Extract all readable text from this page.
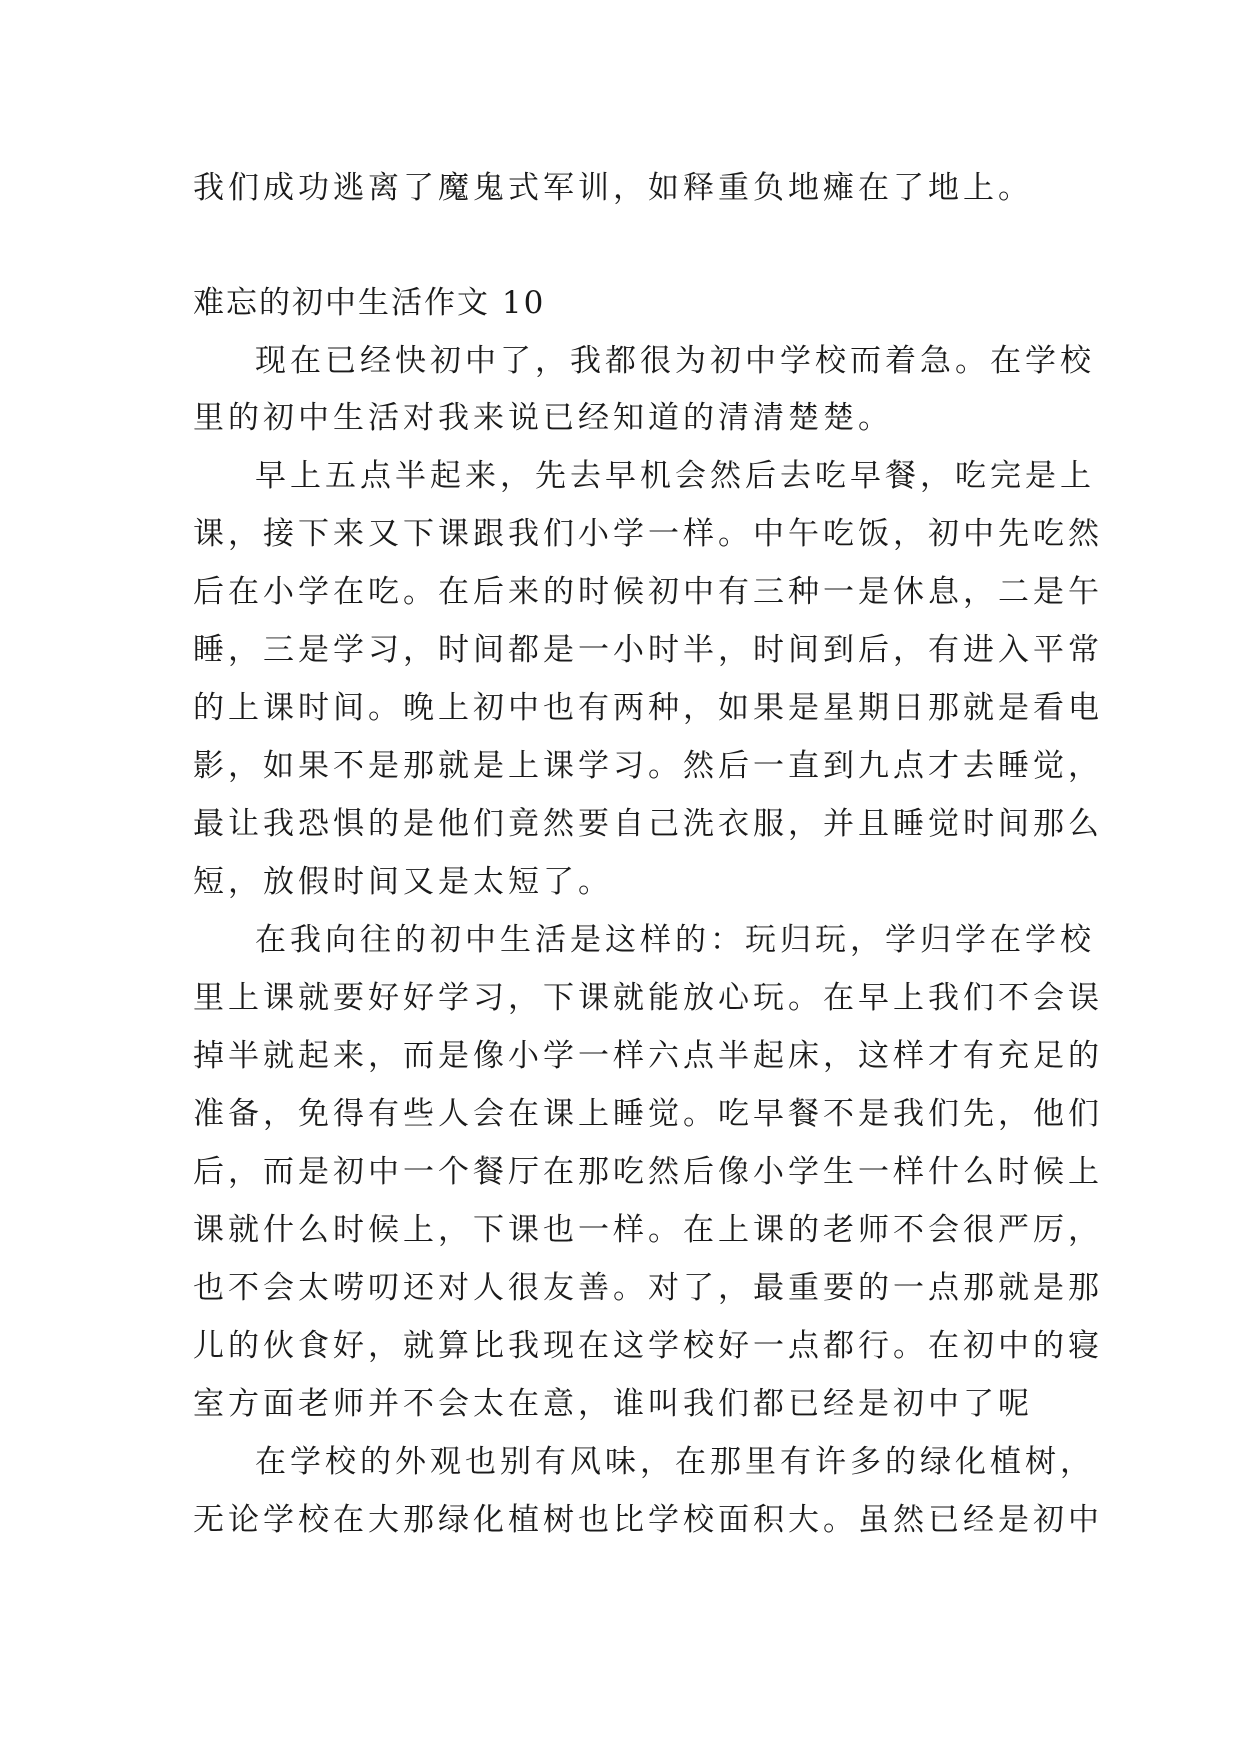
我们成功逃离了魔鬼式军训，如释重负地瘫在了地上。
难忘的初中生活作文 10
现在已经快初中了，我都很为初中学校而着急。在学校
里的初中生活对我来说已经知道的清清楚楚。
早上五点半起来，先去早机会然后去吃早餐，吃完是上
课，接下来又下课跟我们小学一样。中午吃饭，初中先吃然
后在小学在吃。在后来的时候初中有三种一是休息，二是午
睡，三是学习，时间都是一小时半，时间到后，有进入平常
的上课时间。晚上初中也有两种，如果是星期日那就是看电
影，如果不是那就是上课学习。然后一直到九点才去睡觉，
最让我恐惧的是他们竟然要自己洗衣服，并且睡觉时间那么
短，放假时间又是太短了。
在我向往的初中生活是这样的：玩归玩，学归学在学校
里上课就要好好学习，下课就能放心玩。在早上我们不会误
掉半就起来，而是像小学一样六点半起床，这样才有充足的
准备，免得有些人会在课上睡觉。吃早餐不是我们先，他们
后，而是初中一个餐厅在那吃然后像小学生一样什么时候上
课就什么时候上，下课也一样。在上课的老师不会很严厉，
也不会太唠叨还对人很友善。对了，最重要的一点那就是那
儿的伙食好，就算比我现在这学校好一点都行。在初中的寝
室方面老师并不会太在意，谁叫我们都已经是初中了呢
在学校的外观也别有风味，在那里有许多的绿化植树，
无论学校在大那绿化植树也比学校面积大。虽然已经是初中
